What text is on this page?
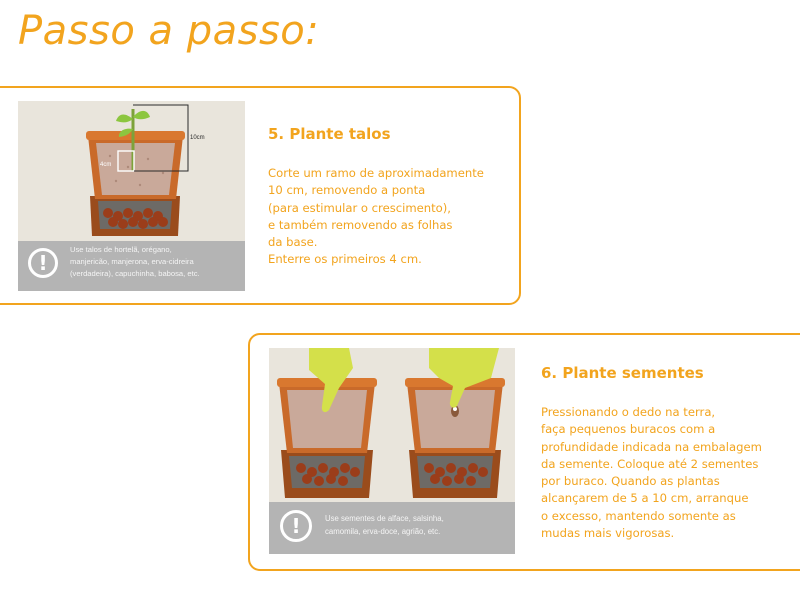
Passo a passo:
10cm
4cm
!
Use talos de hortelã, orégano,
manjericão, manjerona, erva-cidreira
(verdadeira), capuchinha, babosa, etc.
5. Plante talos
Corte um ramo de aproximadamente
10 cm, removendo a ponta
(para estimular o crescimento),
e também removendo as folhas
da base.
Enterre os primeiros 4 cm.
!	Use sementes de alface, salsinha,
camomila, erva-doce, agrião, etc.
6. Plante sementes
Pressionando o dedo na terra,
faça pequenos buracos com a
profundidade indicada na embalagem
da semente. Coloque até 2 sementes
por buraco. Quando as plantas
alcançarem de 5 a 10 cm, arranque
o excesso, mantendo somente as
mudas mais vigorosas.
